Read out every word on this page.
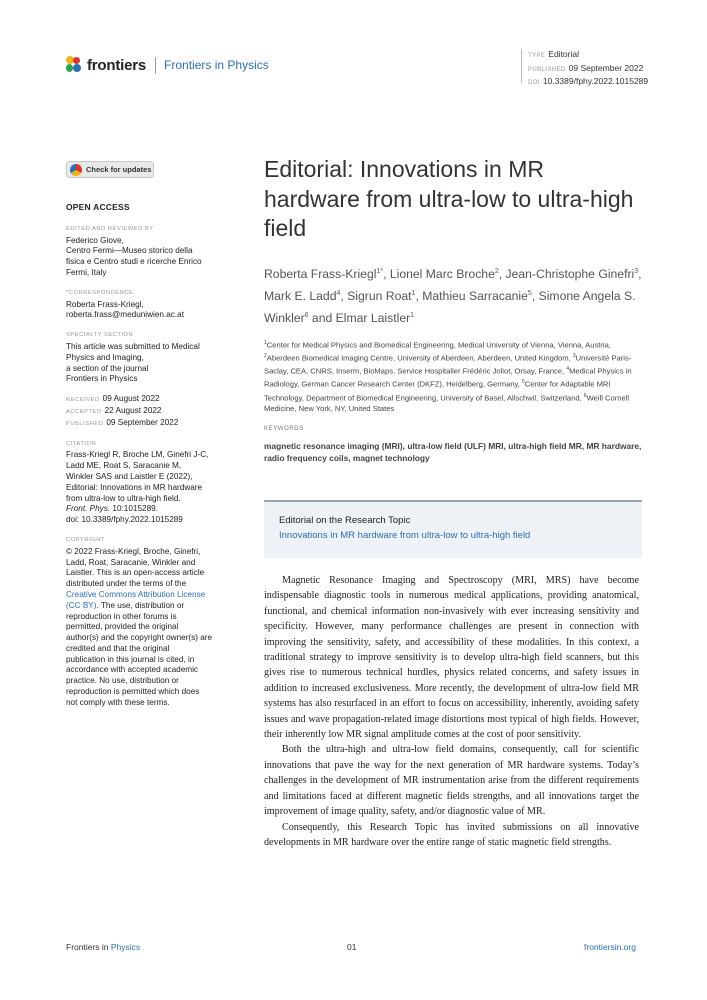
frontiers Frontiers in Physics
TYPE Editorial
PUBLISHED 09 September 2022
DOI 10.3389/fphy.2022.1015289
Check for updates
OPEN ACCESS
EDITED AND REVIEWED BY
Federico Giove,
Centro Fermi—Museo storico della
fisica e Centro studi e ricerche Enrico
Fermi, Italy
*CORRESPONDENCE
Roberta Frass-Kriegl,
roberta.frass@meduniwien.ac.at
SPECIALTY SECTION
This article was submitted to Medical
Physics and Imaging,
a section of the journal
Frontiers in Physics
RECEIVED 09 August 2022
ACCEPTED 22 August 2022
PUBLISHED 09 September 2022
CITATION
Frass-Kriegl R, Broche LM, Ginefri J-C,
Ladd ME, Roat S, Saracanie M,
Winkler SAS and Laistler E (2022),
Editorial: Innovations in MR hardware
from ultra-low to ultra-high field.
Front. Phys. 10:1015289.
doi: 10.3389/fphy.2022.1015289
COPYRIGHT
© 2022 Frass-Kriegl, Broche, Ginefri,
Ladd, Roat, Saracanie, Winkler and
Laistler. This is an open-access article
distributed under the terms of the
Creative Commons Attribution License
(CC BY). The use, distribution or
reproduction in other forums is
permitted, provided the original
author(s) and the copyright owner(s) are
credited and that the original
publication in this journal is cited, in
accordance with accepted academic
practice. No use, distribution or
reproduction is permitted which does
not comply with these terms.
Editorial: Innovations in MR hardware from ultra-low to ultra-high field
Roberta Frass-Kriegl$^{1*}$, Lionel Marc Broche$^2$, Jean-Christophe Ginefri$^3$, Mark E. Ladd$^4$, Sigrun Roat$^1$, Mathieu Sarracanie$^5$, Simone Angela S. Winkler$^6$ and Elmar Laistler$^1$
$^1$Center for Medical Physics and Biomedical Engineering, Medical University of Vienna, Vienna, Austria, $^2$Aberdeen Biomedical Imaging Centre, University of Aberdeen, Aberdeen, United Kingdom, $^3$Université Paris-Saclay, CEA, CNRS, Inserm, BioMaps, Service Hospitalier Frédéric Joliot, Orsay, France, $^4$Medical Physics in Radiology, German Cancer Research Center (DKFZ), Heidelberg, Germany, $^5$Center for Adaptable MRI Technology, Department of Biomedical Engineering, University of Basel, Allschwil, Switzerland, $^6$Weill Cornell Medicine, New York, NY, United States
KEYWORDS
magnetic resonance imaging (MRI), ultra-low field (ULF) MRI, ultra-high field MR, MR hardware, radio frequency coils, magnet technology
Editorial on the Research Topic
Innovations in MR hardware from ultra-low to ultra-high field

Magnetic Resonance Imaging and Spectroscopy (MRI, MRS) have become indispensable diagnostic tools in numerous medical applications, providing anatomical, functional, and chemical information non-invasively with ever increasing sensitivity and specificity. However, many performance challenges are present in connection with improving the sensitivity, safety, and accessibility of these modalities. In this context, a traditional strategy to improve sensitivity is to develop ultra-high field scanners, but this gives rise to numerous technical hurdles, physics related concerns, and safety issues in addition to increased exclusiveness. More recently, the development of ultra-low field MR systems has also resurfaced in an effort to focus on accessibility, inherently, avoiding safety issues and wave propagation-related image distortions most typical of high fields. However, their inherently low MR signal amplitude comes at the cost of poor sensitivity.

Both the ultra-high and ultra-low field domains, consequently, call for scientific innovations that pave the way for the next generation of MR hardware systems. Today’s challenges in the development of MR instrumentation arise from the different requirements and limitations faced at different magnetic fields strengths, and all innovations target the improvement of image quality, safety, and/or diagnostic value of MR.

Consequently, this Research Topic has invited submissions on all innovative developments in MR hardware over the entire range of static magnetic field strengths.

Frontiers in Physics	01	frontiersin.org
